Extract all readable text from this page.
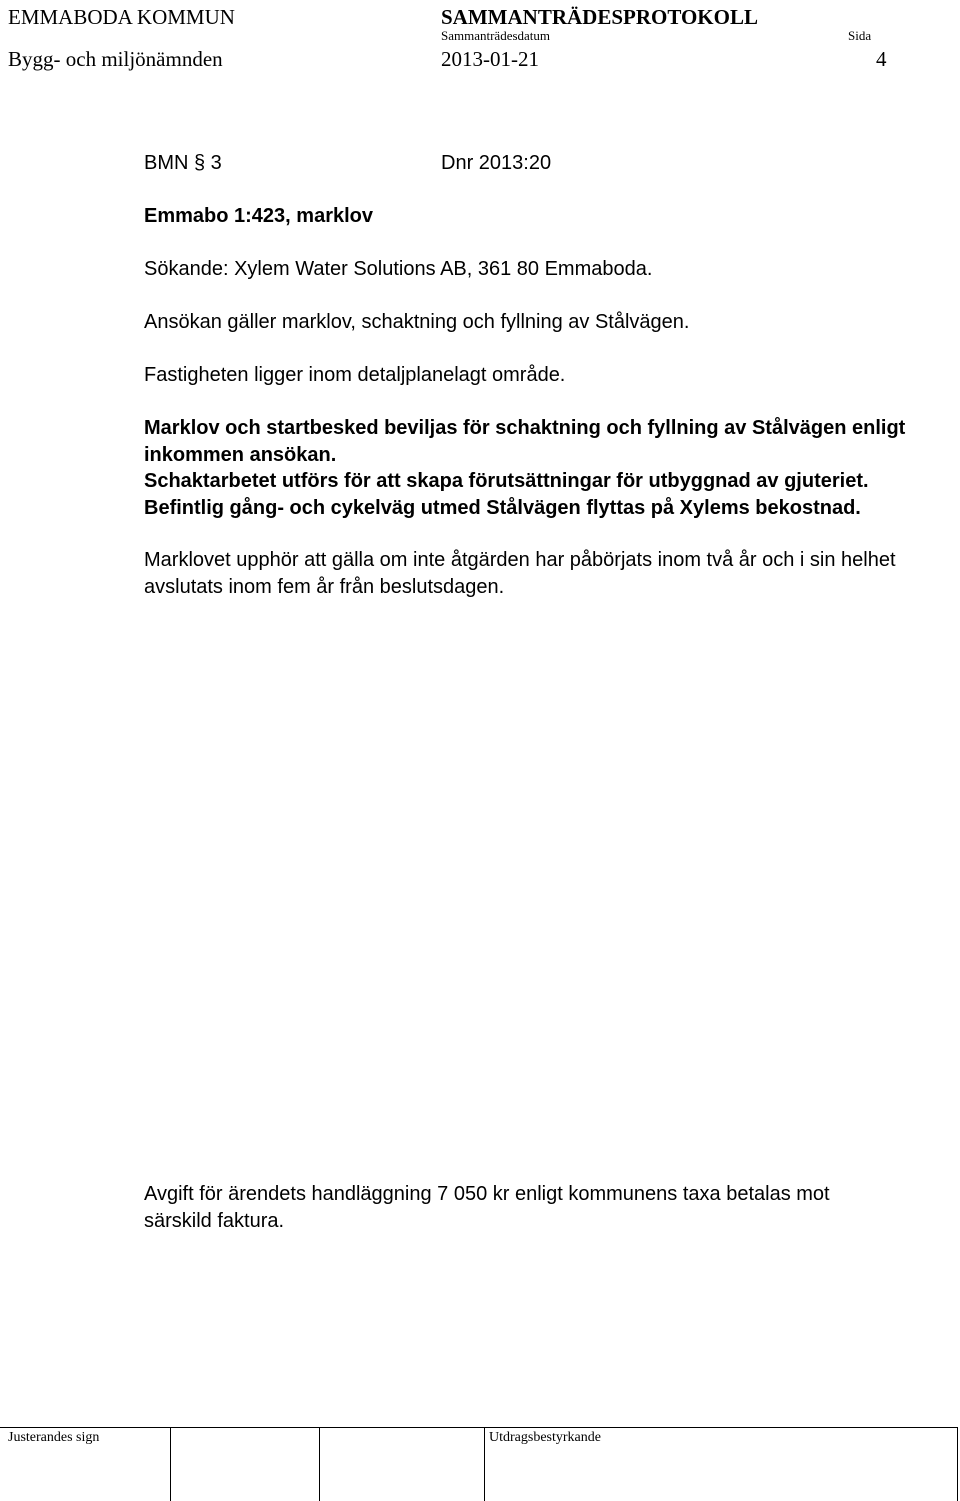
EMMABODA KOMMUN	SAMMANTRÄDESPROTOKOLL
Sammanträdesdatum	Sida
Bygg- och miljönämnden	2013-01-21	4
BMN § 3	Dnr 2013:20
Emmabo 1:423, marklov
Sökande: Xylem Water Solutions AB, 361 80 Emmaboda.
Ansökan gäller marklov, schaktning och fyllning av Stålvägen.
Fastigheten ligger inom detaljplanelagt område.
Marklov och startbesked beviljas för schaktning och fyllning av Stålvägen enligt
inkommen ansökan.
Schaktarbetet utförs för att skapa förutsättningar för utbyggnad av gjuteriet.
Befintlig gång- och cykelväg utmed Stålvägen flyttas på Xylems bekostnad.
Marklovet upphör att gälla om inte åtgärden har påbörjats inom två år och i sin helhet
avslutats inom fem år från beslutsdagen.
Avgift för ärendets handläggning 7 050 kr enligt kommunens taxa betalas mot
särskild faktura.
Justerandes sign	Utdragsbestyrkande
